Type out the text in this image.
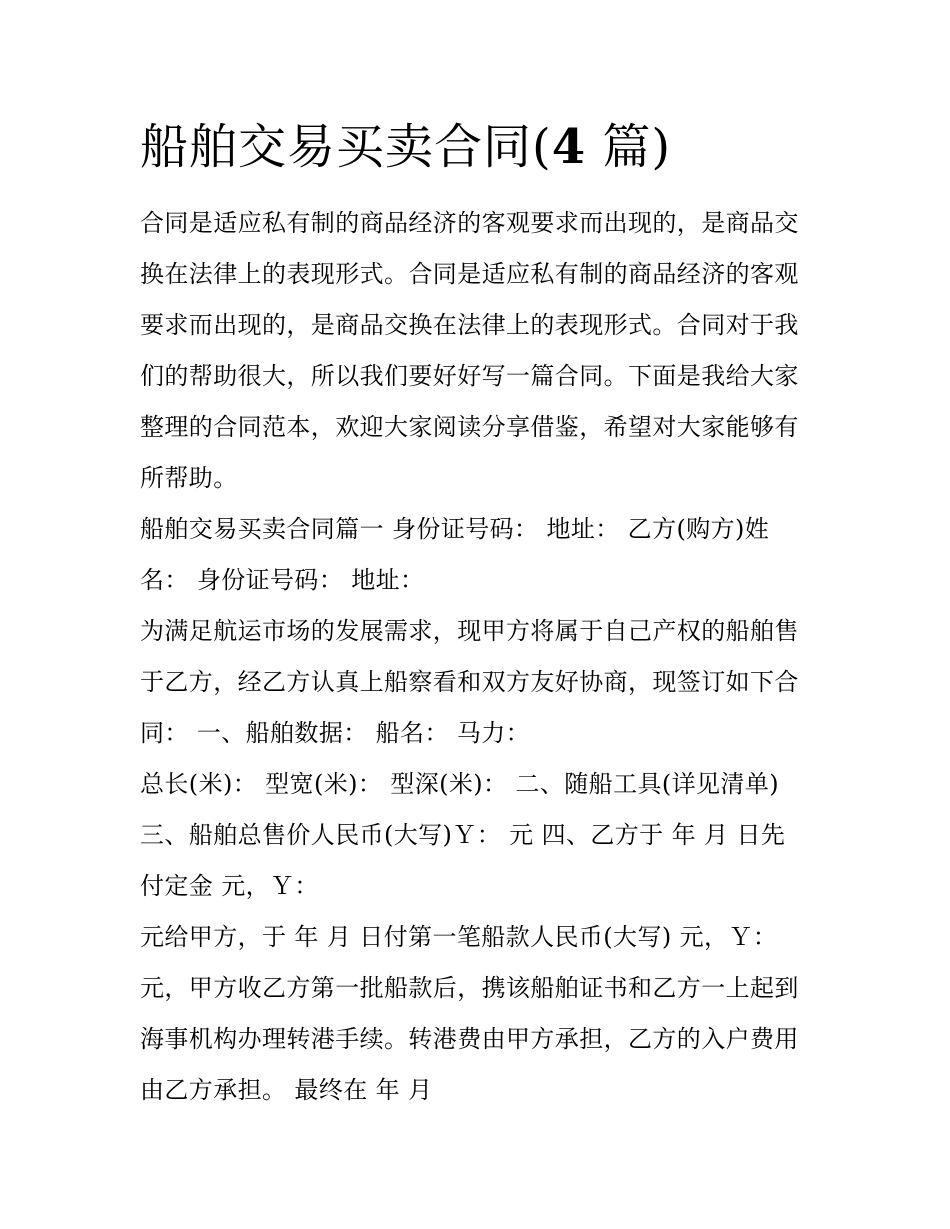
船舶交易买卖合同(4 篇)
合同是适应私有制的商品经济的客观要求而出现的，是商品交
换在法律上的表现形式。合同是适应私有制的商品经济的客观
要求而出现的，是商品交换在法律上的表现形式。合同对于我
们的帮助很大，所以我们要好好写一篇合同。下面是我给大家
整理的合同范本，欢迎大家阅读分享借鉴，希望对大家能够有
所帮助。
船舶交易买卖合同篇一 身份证号码： 地址： 乙方(购方)姓
名： 身份证号码： 地址：
为满足航运市场的发展需求，现甲方将属于自己产权的船舶售
于乙方，经乙方认真上船察看和双方友好协商，现签订如下合
同： 一、船舶数据： 船名： 马力：
总长(米)： 型宽(米)： 型深(米)： 二、随船工具(详见清单)
三、船舶总售价人民币(大写)Ｙ： 元 四、乙方于 年 月 日先
付定金 元，Ｙ：
元给甲方，于 年 月 日付第一笔船款人民币(大写) 元，Ｙ：
元，甲方收乙方第一批船款后，携该船舶证书和乙方一上起到
海事机构办理转港手续。转港费由甲方承担，乙方的入户费用
由乙方承担。 最终在 年 月
